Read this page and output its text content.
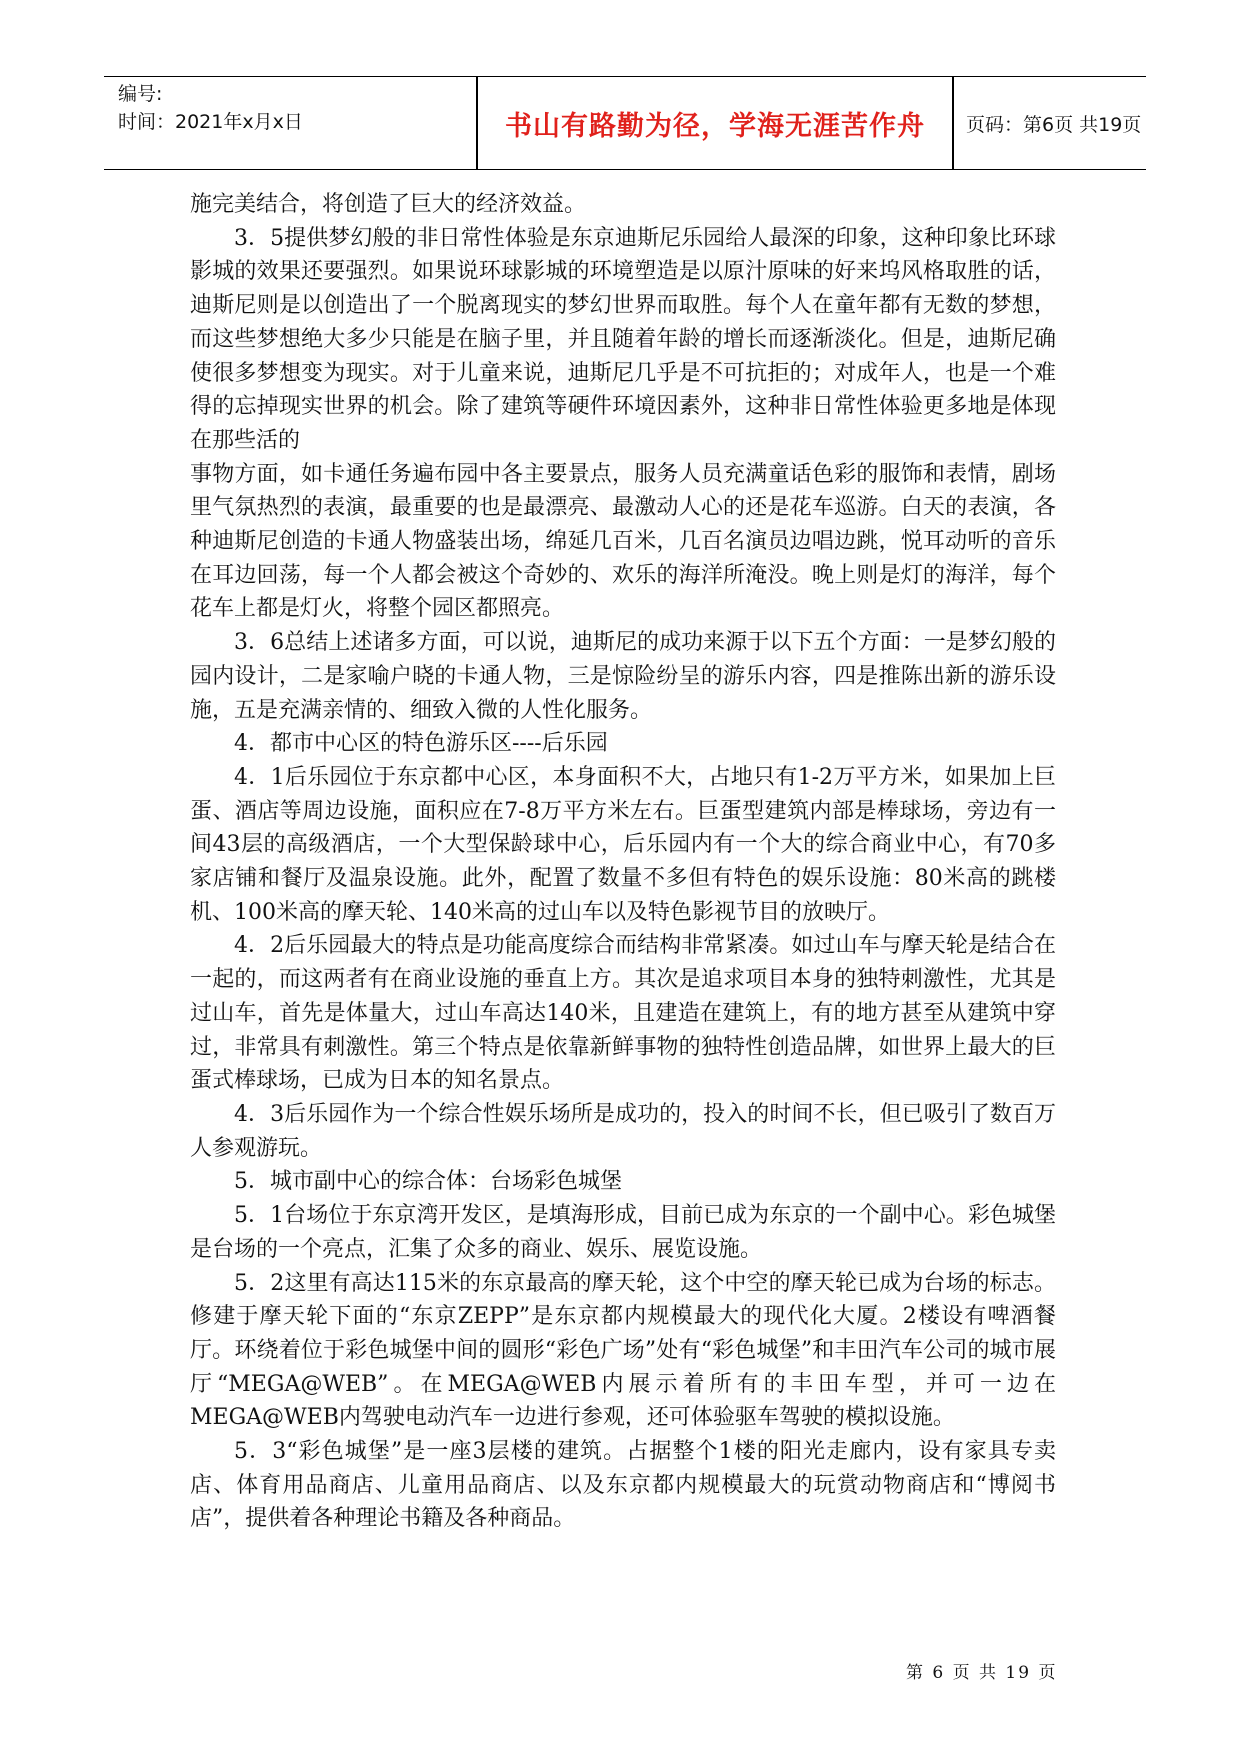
编号:
时间：2021年x月x日	书山有路勤为径，学海无涯苦作舟	页码：第6页 共19页

施完美结合，将创造了巨大的经济效益。

3．5提供梦幻般的非日常性体验是东京迪斯尼乐园给人最深的印象，这种印象比环球影城的效果还要强烈。如果说环球影城的环境塑造是以原汁原味的好来坞风格取胜的话，迪斯尼则是以创造出了一个脱离现实的梦幻世界而取胜。每个人在童年都有无数的梦想，而这些梦想绝大多少只能是在脑子里，并且随着年龄的增长而逐渐淡化。但是，迪斯尼确使很多梦想变为现实。对于儿童来说，迪斯尼几乎是不可抗拒的；对成年人，也是一个难得的忘掉现实世界的机会。除了建筑等硬件环境因素外，这种非日常性体验更多地是体现在那些活的

事物方面，如卡通任务遍布园中各主要景点，服务人员充满童话色彩的服饰和表情，剧场里气氛热烈的表演，最重要的也是最漂亮、最激动人心的还是花车巡游。白天的表演，各种迪斯尼创造的卡通人物盛装出场，绵延几百米，几百名演员边唱边跳，悦耳动听的音乐在耳边回荡，每一个人都会被这个奇妙的、欢乐的海洋所淹没。晚上则是灯的海洋，每个花车上都是灯火，将整个园区都照亮。

3．6总结上述诸多方面，可以说，迪斯尼的成功来源于以下五个方面：一是梦幻般的园内设计，二是家喻户晓的卡通人物，三是惊险纷呈的游乐内容，四是推陈出新的游乐设施，五是充满亲情的、细致入微的人性化服务。

4．都市中心区的特色游乐区----后乐园

4．1后乐园位于东京都中心区，本身面积不大，占地只有1-2万平方米，如果加上巨蛋、酒店等周边设施，面积应在7-8万平方米左右。巨蛋型建筑内部是棒球场，旁边有一间43层的高级酒店，一个大型保龄球中心，后乐园内有一个大的综合商业中心，有70多家店铺和餐厅及温泉设施。此外，配置了数量不多但有特色的娱乐设施：80米高的跳楼机、100米高的摩天轮、140米高的过山车以及特色影视节目的放映厅。

4．2后乐园最大的特点是功能高度综合而结构非常紧凑。如过山车与摩天轮是结合在一起的，而这两者有在商业设施的垂直上方。其次是追求项目本身的独特刺激性，尤其是过山车，首先是体量大，过山车高达140米，且建造在建筑上，有的地方甚至从建筑中穿过，非常具有刺激性。第三个特点是依靠新鲜事物的独特性创造品牌，如世界上最大的巨蛋式棒球场，已成为日本的知名景点。

4．3后乐园作为一个综合性娱乐场所是成功的，投入的时间不长，但已吸引了数百万人参观游玩。

5．城市副中心的综合体：台场彩色城堡

5．1台场位于东京湾开发区，是填海形成，目前已成为东京的一个副中心。彩色城堡是台场的一个亮点，汇集了众多的商业、娱乐、展览设施。

5．2这里有高达115米的东京最高的摩天轮，这个中空的摩天轮已成为台场的标志。修建于摩天轮下面的“东京ZEPP”是东京都内规模最大的现代化大厦。2楼设有啤酒餐厅。环绕着位于彩色城堡中间的圆形“彩色广场”处有“彩色城堡”和丰田汽车公司的城市展厅“MEGA@WEB”。在MEGA@WEB内展示着所有的丰田车型，并可一边在MEGA@WEB内驾驶电动汽车一边进行参观，还可体验驱车驾驶的模拟设施。

5．3“彩色城堡”是一座3层楼的建筑。占据整个1楼的阳光走廊内，设有家具专卖店、体育用品商店、儿童用品商店、以及东京都内规模最大的玩赏动物商店和“博阅书店”，提供着各种理论书籍及各种商品。

第 6 页 共 19 页
